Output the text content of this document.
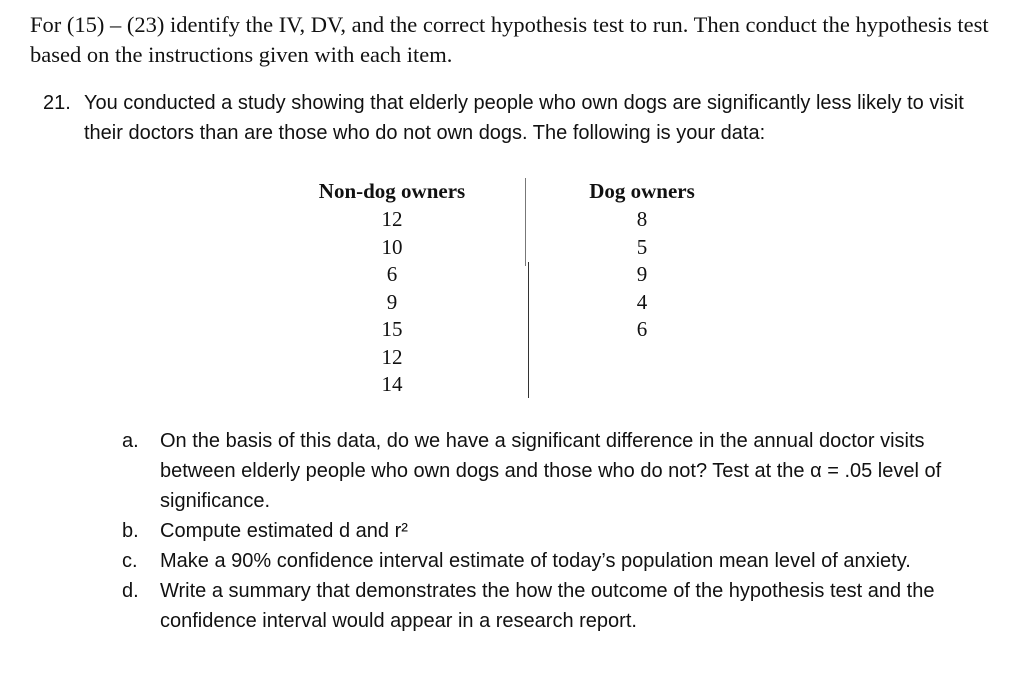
For (15) – (23) identify the IV, DV, and the correct hypothesis test to run. Then conduct the hypothesis test based on the instructions given with each item.
21. You conducted a study showing that elderly people who own dogs are significantly less likely to visit their doctors than are those who do not own dogs. The following is your data:
Non-dog owners
12
10
6
9
15
12
14
Dog owners
8
5
9
4
6
a. On the basis of this data, do we have a significant difference in the annual doctor visits between elderly people who own dogs and those who do not? Test at the α = .05 level of significance.
b. Compute estimated d and r²
c. Make a 90% confidence interval estimate of today’s population mean level of anxiety.
d. Write a summary that demonstrates the how the outcome of the hypothesis test and the confidence interval would appear in a research report.
